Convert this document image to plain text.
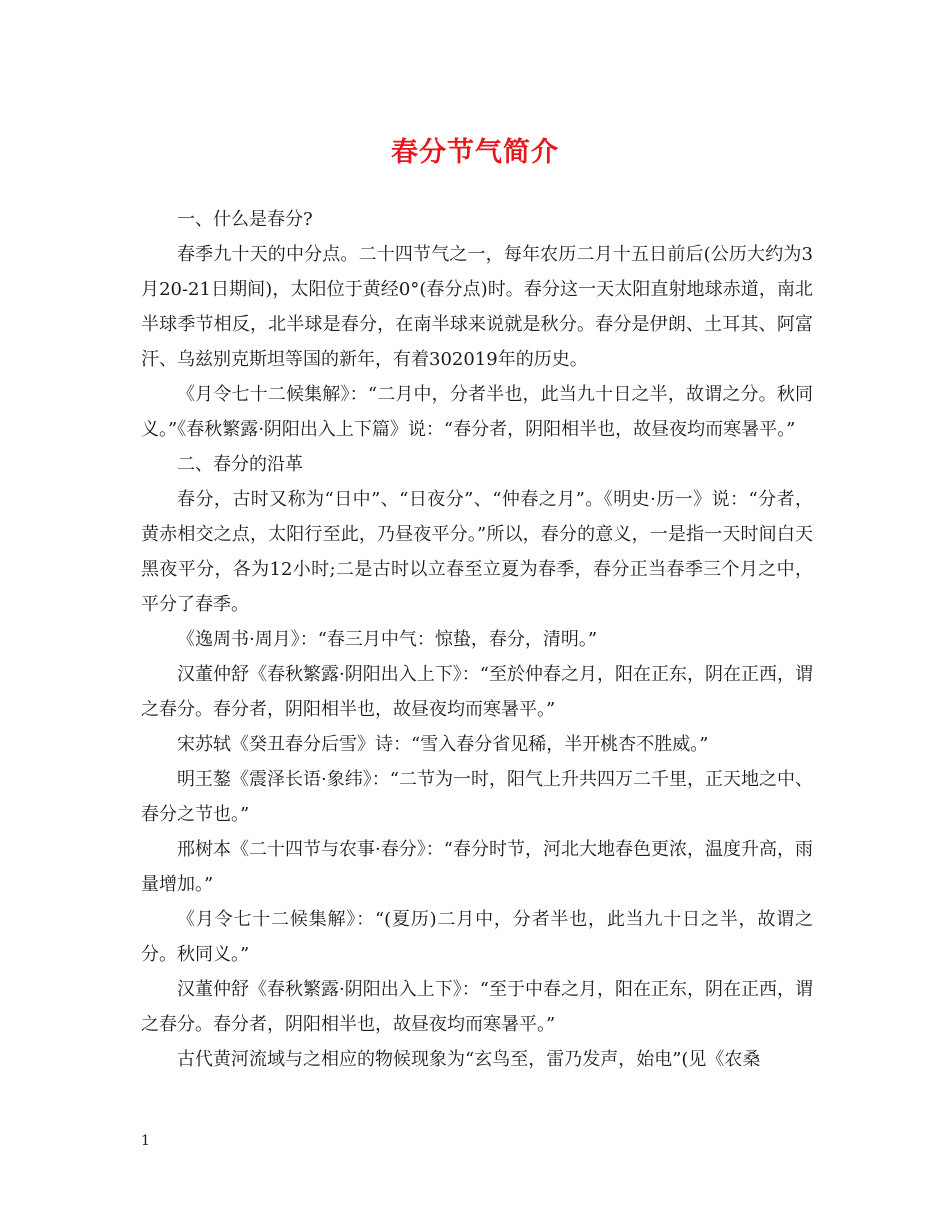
春分节气简介

一、什么是春分?

春季九十天的中分点。二十四节气之一，每年农历二月十五日前后(公历大约为3月20-21日期间)，太阳位于黄经0°(春分点)时。春分这一天太阳直射地球赤道，南北半球季节相反，北半球是春分，在南半球来说就是秋分。春分是伊朗、土耳其、阿富汗、乌兹别克斯坦等国的新年，有着302019年的历史。

《月令七十二候集解》：“二月中，分者半也，此当九十日之半，故谓之分。秋同义。”《春秋繁露·阴阳出入上下篇》说：“春分者，阴阳相半也，故昼夜均而寒暑平。”

二、春分的沿革

春分，古时又称为“日中”、“日夜分”、“仲春之月”。《明史·历一》说：“分者，黄赤相交之点，太阳行至此，乃昼夜平分。”所以，春分的意义，一是指一天时间白天黑夜平分，各为12小时;二是古时以立春至立夏为春季，春分正当春季三个月之中，平分了春季。

《逸周书·周月》：“春三月中气：惊蛰，春分，清明。”

汉董仲舒《春秋繁露·阴阳出入上下》：“至於仲春之月，阳在正东，阴在正西，谓之春分。春分者，阴阳相半也，故昼夜均而寒暑平。”

宋苏轼《癸丑春分后雪》诗：“雪入春分省见稀，半开桃杏不胜威。”

明王鏊《震泽长语·象纬》：“二节为一时，阳气上升共四万二千里，正天地之中、春分之节也。”

邢树本《二十四节与农事·春分》：“春分时节，河北大地春色更浓，温度升高，雨量增加。”

《月令七十二候集解》：“(夏历)二月中，分者半也，此当九十日之半，故谓之分。秋同义。”

汉董仲舒《春秋繁露·阴阳出入上下》：“至于中春之月，阳在正东，阴在正西，谓之春分。春分者，阴阳相半也，故昼夜均而寒暑平。”

古代黄河流域与之相应的物候现象为“玄鸟至，雷乃发声，始电”(见《农桑

1
